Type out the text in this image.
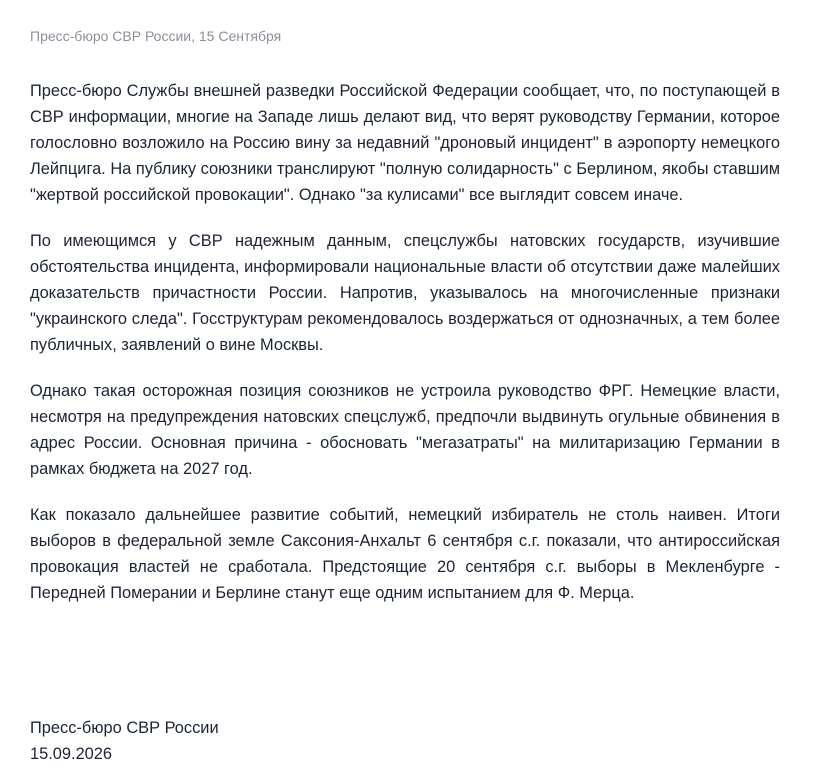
Пресс-бюро СВР России, 15 Сентября

Пресс-бюро Службы внешней разведки Российской Федерации сообщает, что, по поступающей в СВР информации, многие на Западе лишь делают вид, что верят руководству Германии, которое голословно возложило на Россию вину за недавний "дроновый инцидент" в аэропорту немецкого Лейпцига. На публику союзники транслируют "полную солидарность" с Берлином, якобы ставшим "жертвой российской провокации". Однако "за кулисами" все выглядит совсем иначе.

По имеющимся у СВР надежным данным, спецслужбы натовских государств, изучившие обстоятельства инцидента, информировали национальные власти об отсутствии даже малейших доказательств причастности России. Напротив, указывалось на многочисленные признаки "украинского следа". Госструктурам рекомендовалось воздержаться от однозначных, а тем более публичных, заявлений о вине Москвы.

Однако такая осторожная позиция союзников не устроила руководство ФРГ. Немецкие власти, несмотря на предупреждения натовских спецслужб, предпочли выдвинуть огульные обвинения в адрес России. Основная причина - обосновать "мегазатраты" на милитаризацию Германии в рамках бюджета на 2027 год.

Как показало дальнейшее развитие событий, немецкий избиратель не столь наивен. Итоги выборов в федеральной земле Саксония-Анхальт 6 сентября с.г. показали, что антироссийская провокация властей не сработала. Предстоящие 20 сентября с.г. выборы в Мекленбурге - Передней Померании и Берлине станут еще одним испытанием для Ф. Мерца.

Пресс-бюро СВР России
15.09.2026
